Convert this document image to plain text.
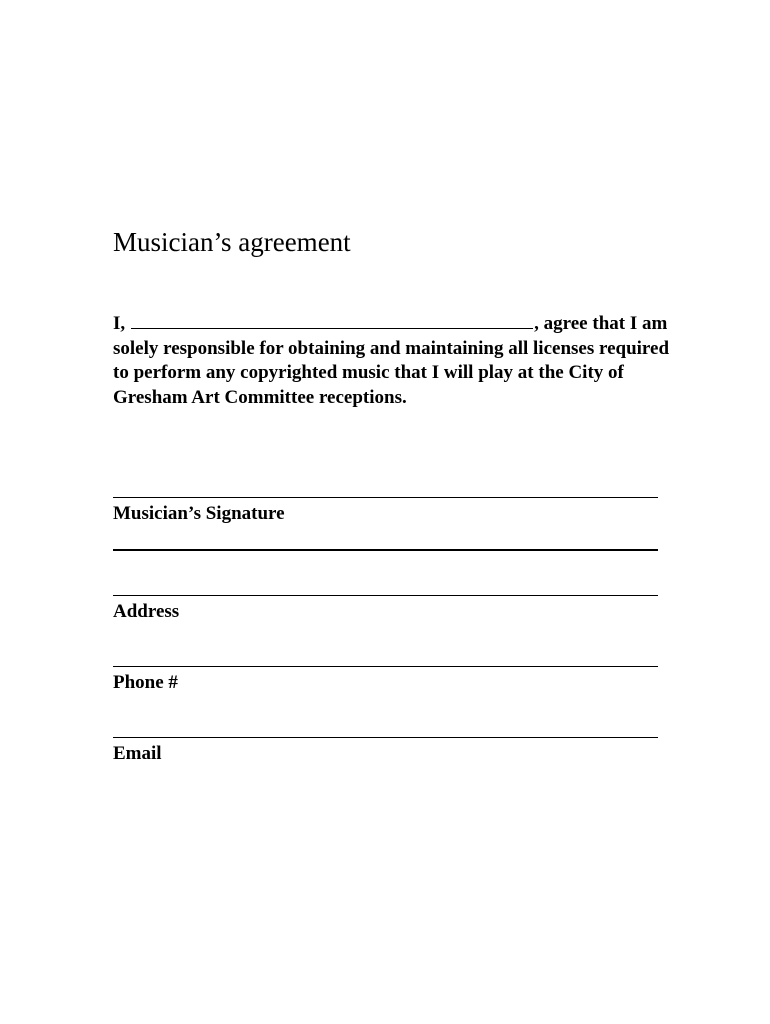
Musician’s agreement

I,	, agree that I am solely responsible for obtaining and maintaining all licenses required to perform any copyrighted music that I will play at the City of Gresham Art Committee receptions.

Musician’s Signature
Address
Phone #
Email
